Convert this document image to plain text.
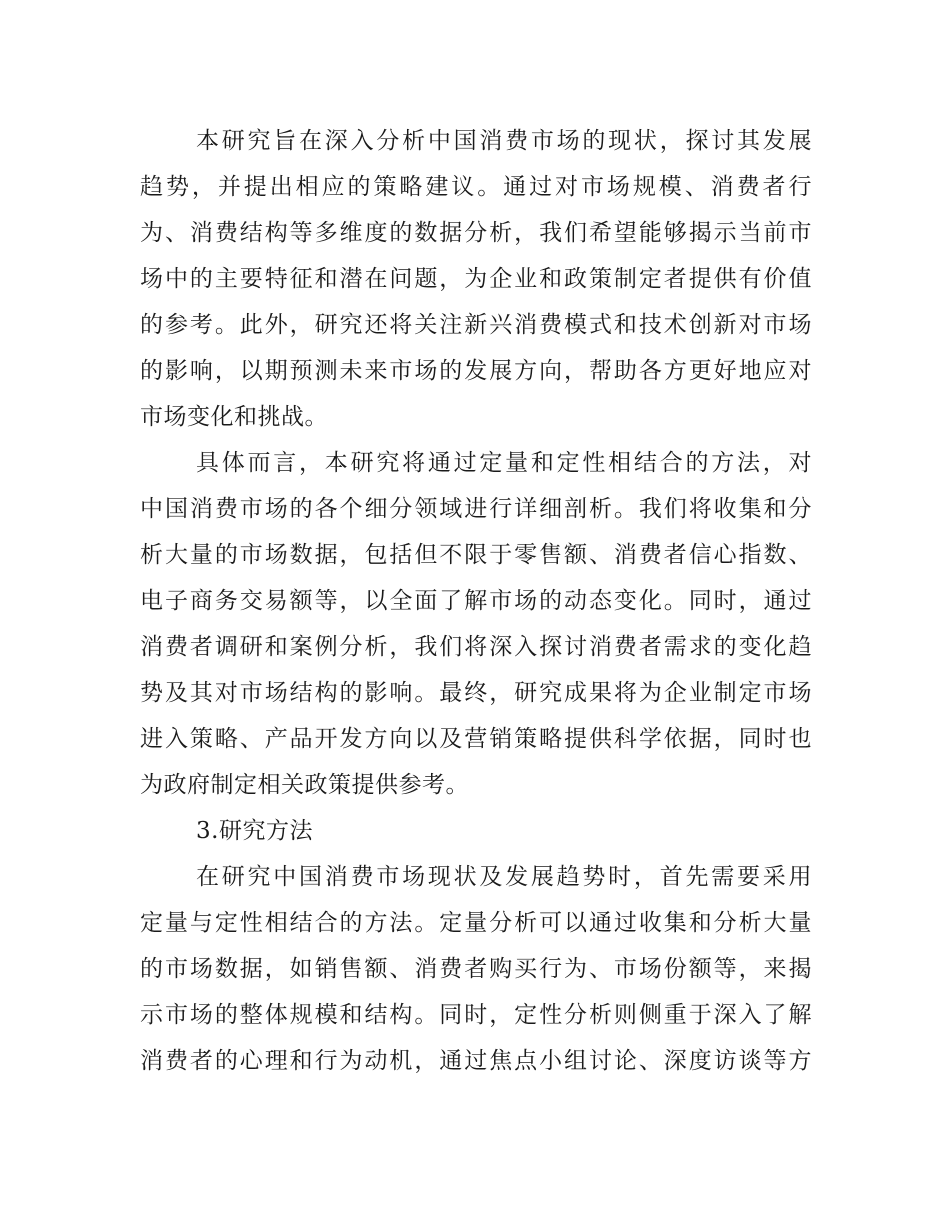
本研究旨在深入分析中国消费市场的现状，探讨其发展
趋势，并提出相应的策略建议。通过对市场规模、消费者行
为、消费结构等多维度的数据分析，我们希望能够揭示当前市
场中的主要特征和潜在问题，为企业和政策制定者提供有价值
的参考。此外，研究还将关注新兴消费模式和技术创新对市场
的影响，以期预测未来市场的发展方向，帮助各方更好地应对
市场变化和挑战。
具体而言，本研究将通过定量和定性相结合的方法，对
中国消费市场的各个细分领域进行详细剖析。我们将收集和分
析大量的市场数据，包括但不限于零售额、消费者信心指数、
电子商务交易额等，以全面了解市场的动态变化。同时，通过
消费者调研和案例分析，我们将深入探讨消费者需求的变化趋
势及其对市场结构的影响。最终，研究成果将为企业制定市场
进入策略、产品开发方向以及营销策略提供科学依据，同时也
为政府制定相关政策提供参考。
3.研究方法
在研究中国消费市场现状及发展趋势时，首先需要采用
定量与定性相结合的方法。定量分析可以通过收集和分析大量
的市场数据，如销售额、消费者购买行为、市场份额等，来揭
示市场的整体规模和结构。同时，定性分析则侧重于深入了解
消费者的心理和行为动机，通过焦点小组讨论、深度访谈等方
